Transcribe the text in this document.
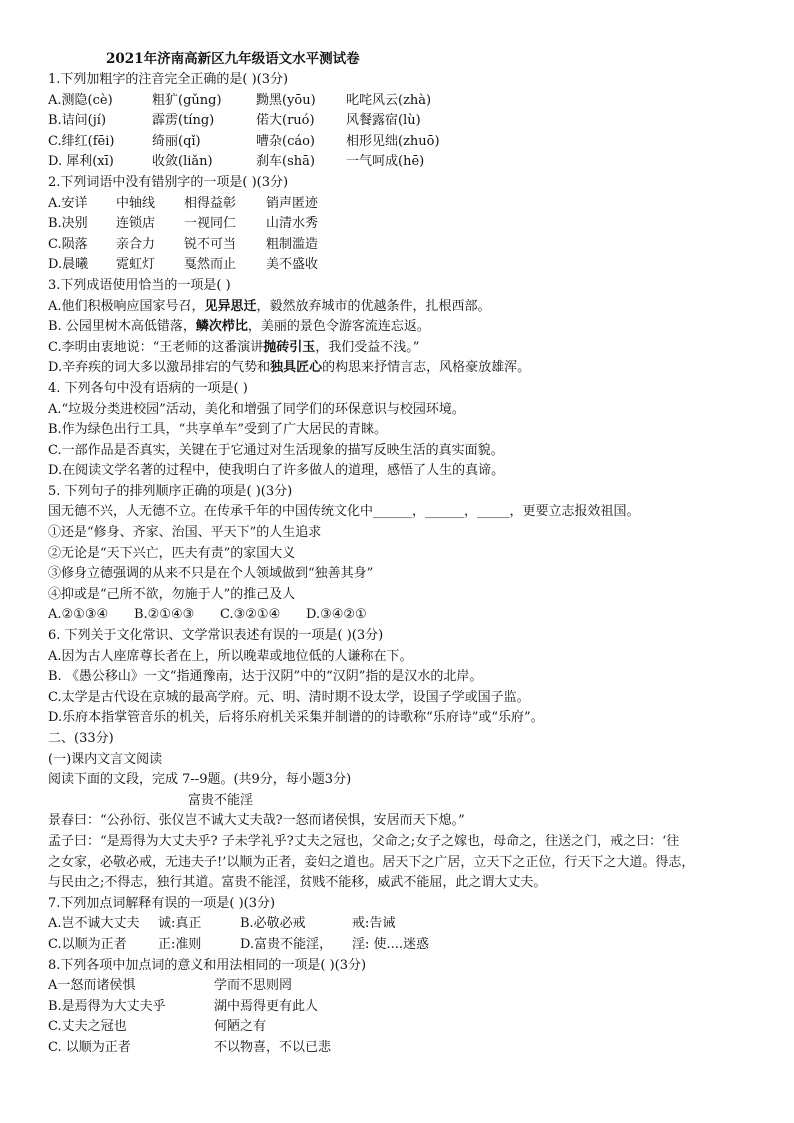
2021年济南高新区九年级语文水平测试卷
1.下列加粗字的注音完全正确的是( )(3分)
A.测隐(cè)	粗犷(gǔng)	黝黑(yōu)	叱咤风云(zhà)
B.诘问(jí)	霹雳(tíng)	偌大(ruó)	风餐露宿(lù)
C.绯红(fēi)	绮丽(qǐ)	嘈杂(cáo)	相形见绌(zhuō)
D. 犀利(xī)	收敛(liǎn)	刹车(shā)	一气呵成(hē)
2.下列词语中没有错别字的一项是( )(3分)
A.安详	中轴线	相得益彰	销声匿迹
B.决别	连锁店	一视同仁	山清水秀
C.陨落	亲合力	锐不可当	粗制滥造
D.晨曦	霓虹灯	戛然而止	美不盛收
3.下列成语使用恰当的一项是( )
A.他们积极响应国家号召，见异思迁，毅然放弃城市的优越条件，扎根西部。
B. 公园里树木高低错落，鳞次栉比，美丽的景色令游客流连忘返。
C.李明由衷地说：“王老师的这番演讲抛砖引玉，我们受益不浅。”
D.辛弃疾的词大多以激昂排宕的气势和独具匠心的构思来抒情言志，风格豪放雄浑。
4. 下列各句中没有语病的一项是( )
A.“垃圾分类进校园”活动，美化和增强了同学们的环保意识与校园环境。
B.作为绿色出行工具，“共享单车”受到了广大居民的青睐。
C.一部作品是否真实，关键在于它通过对生活现象的描写反映生活的真实面貌。
D.在阅读文学名著的过程中，使我明白了许多做人的道理，感悟了人生的真谛。
5. 下列句子的排列顺序正确的项是( )(3分)
国无德不兴，人无德不立。在传承千年的中国传统文化中______，______，_____，更要立志报效祖国。
①还是“修身、齐家、治国、平天下”的人生追求
②无论是“天下兴亡，匹夫有责”的家国大义
③修身立德强调的从来不只是在个人领域做到“独善其身”
④抑或是“己所不欲，勿施于人”的推己及人
A.②①③④ B.②①④③ C.③②①④ D.③④②①
6. 下列关于文化常识、文学常识表述有误的一项是( )(3分)
A.因为古人座席尊长者在上，所以晚辈或地位低的人谦称在下。
B. 《愚公移山》一文“指通豫南，达于汉阴”中的“汉阴”指的是汉水的北岸。
C.太学是古代设在京城的最高学府。元、明、清时期不设太学，设国子学或国子监。
D.乐府本指掌管音乐的机关，后将乐府机关采集并制谱的的诗歌称“乐府诗”或“乐府”。
二、(33分)
(一)课内文言文阅读
阅读下面的文段，完成 7--9题。(共9分，每小题3分)
富贵不能淫
景春曰：“公孙衍、张仪岂不诚大丈夫哉?一怒而诸侯惧，安居而天下熄。”
孟子曰：“是焉得为大丈夫乎? 子未学礼乎?丈夫之冠也，父命之;女子之嫁也，母命之，往送之门，戒之曰：‘往
之女家，必敬必戒，无违夫子!’以顺为正者，妾妇之道也。居天下之广居，立天下之正位，行天下之大道。得志，
与民由之;不得志，独行其道。富贵不能淫，贫贱不能移，威武不能屈，此之谓大丈夫。
7.下列加点词解释有误的一项是( )(3分)
A.岂不诚大丈夫	诚:真正	B.必敬必戒	戒:告诫
C.以顺为正者	正:准则	D.富贵不能淫，	淫: 使....迷惑
8.下列各项中加点词的意义和用法相同的一项是( )(3分)
A一怒而诸侯惧	学而不思则罔
B.是焉得为大丈夫乎	湖中焉得更有此人
C.丈夫之冠也	何陋之有
C. 以顺为正者	不以物喜，不以已悲
